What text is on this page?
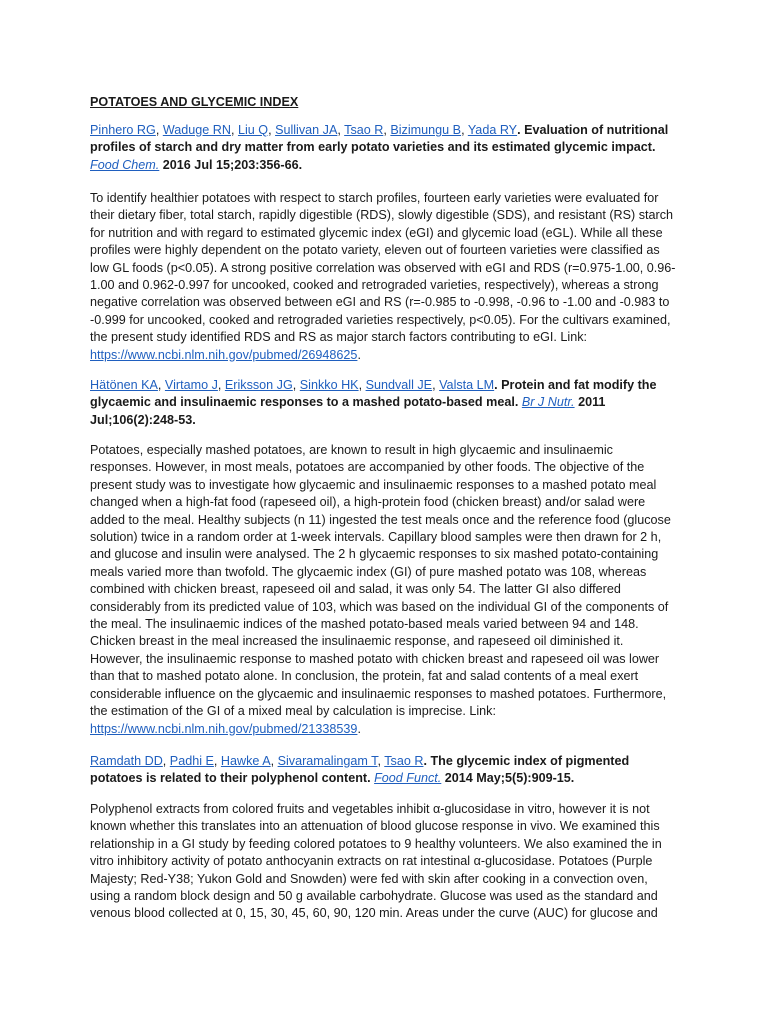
POTATOES AND GLYCEMIC INDEX
Pinhero RG, Waduge RN, Liu Q, Sullivan JA, Tsao R, Bizimungu B, Yada RY. Evaluation of nutritional profiles of starch and dry matter from early potato varieties and its estimated glycemic impact. Food Chem. 2016 Jul 15;203:356-66.
To identify healthier potatoes with respect to starch profiles, fourteen early varieties were evaluated for their dietary fiber, total starch, rapidly digestible (RDS), slowly digestible (SDS), and resistant (RS) starch for nutrition and with regard to estimated glycemic index (eGI) and glycemic load (eGL). While all these profiles were highly dependent on the potato variety, eleven out of fourteen varieties were classified as low GL foods (p<0.05). A strong positive correlation was observed with eGI and RDS (r=0.975-1.00, 0.96-1.00 and 0.962-0.997 for uncooked, cooked and retrograded varieties, respectively), whereas a strong negative correlation was observed between eGI and RS (r=-0.985 to -0.998, -0.96 to -1.00 and -0.983 to -0.999 for uncooked, cooked and retrograded varieties respectively, p<0.05). For the cultivars examined, the present study identified RDS and RS as major starch factors contributing to eGI. Link: https://www.ncbi.nlm.nih.gov/pubmed/26948625.
Hätönen KA, Virtamo J, Eriksson JG, Sinkko HK, Sundvall JE, Valsta LM. Protein and fat modify the glycaemic and insulinaemic responses to a mashed potato-based meal. Br J Nutr. 2011 Jul;106(2):248-53.
Potatoes, especially mashed potatoes, are known to result in high glycaemic and insulinaemic responses. However, in most meals, potatoes are accompanied by other foods. The objective of the present study was to investigate how glycaemic and insulinaemic responses to a mashed potato meal changed when a high-fat food (rapeseed oil), a high-protein food (chicken breast) and/or salad were added to the meal. Healthy subjects (n 11) ingested the test meals once and the reference food (glucose solution) twice in a random order at 1-week intervals. Capillary blood samples were then drawn for 2 h, and glucose and insulin were analysed. The 2 h glycaemic responses to six mashed potato-containing meals varied more than twofold. The glycaemic index (GI) of pure mashed potato was 108, whereas combined with chicken breast, rapeseed oil and salad, it was only 54. The latter GI also differed considerably from its predicted value of 103, which was based on the individual GI of the components of the meal. The insulinaemic indices of the mashed potato-based meals varied between 94 and 148. Chicken breast in the meal increased the insulinaemic response, and rapeseed oil diminished it. However, the insulinaemic response to mashed potato with chicken breast and rapeseed oil was lower than that to mashed potato alone. In conclusion, the protein, fat and salad contents of a meal exert considerable influence on the glycaemic and insulinaemic responses to mashed potatoes. Furthermore, the estimation of the GI of a mixed meal by calculation is imprecise. Link: https://www.ncbi.nlm.nih.gov/pubmed/21338539.
Ramdath DD, Padhi E, Hawke A, Sivaramalingam T, Tsao R. The glycemic index of pigmented potatoes is related to their polyphenol content. Food Funct. 2014 May;5(5):909-15.
Polyphenol extracts from colored fruits and vegetables inhibit α-glucosidase in vitro, however it is not known whether this translates into an attenuation of blood glucose response in vivo. We examined this relationship in a GI study by feeding colored potatoes to 9 healthy volunteers. We also examined the in vitro inhibitory activity of potato anthocyanin extracts on rat intestinal α-glucosidase. Potatoes (Purple Majesty; Red-Y38; Yukon Gold and Snowden) were fed with skin after cooking in a convection oven, using a random block design and 50 g available carbohydrate. Glucose was used as the standard and venous blood collected at 0, 15, 30, 45, 60, 90, 120 min. Areas under the curve (AUC) for glucose and
